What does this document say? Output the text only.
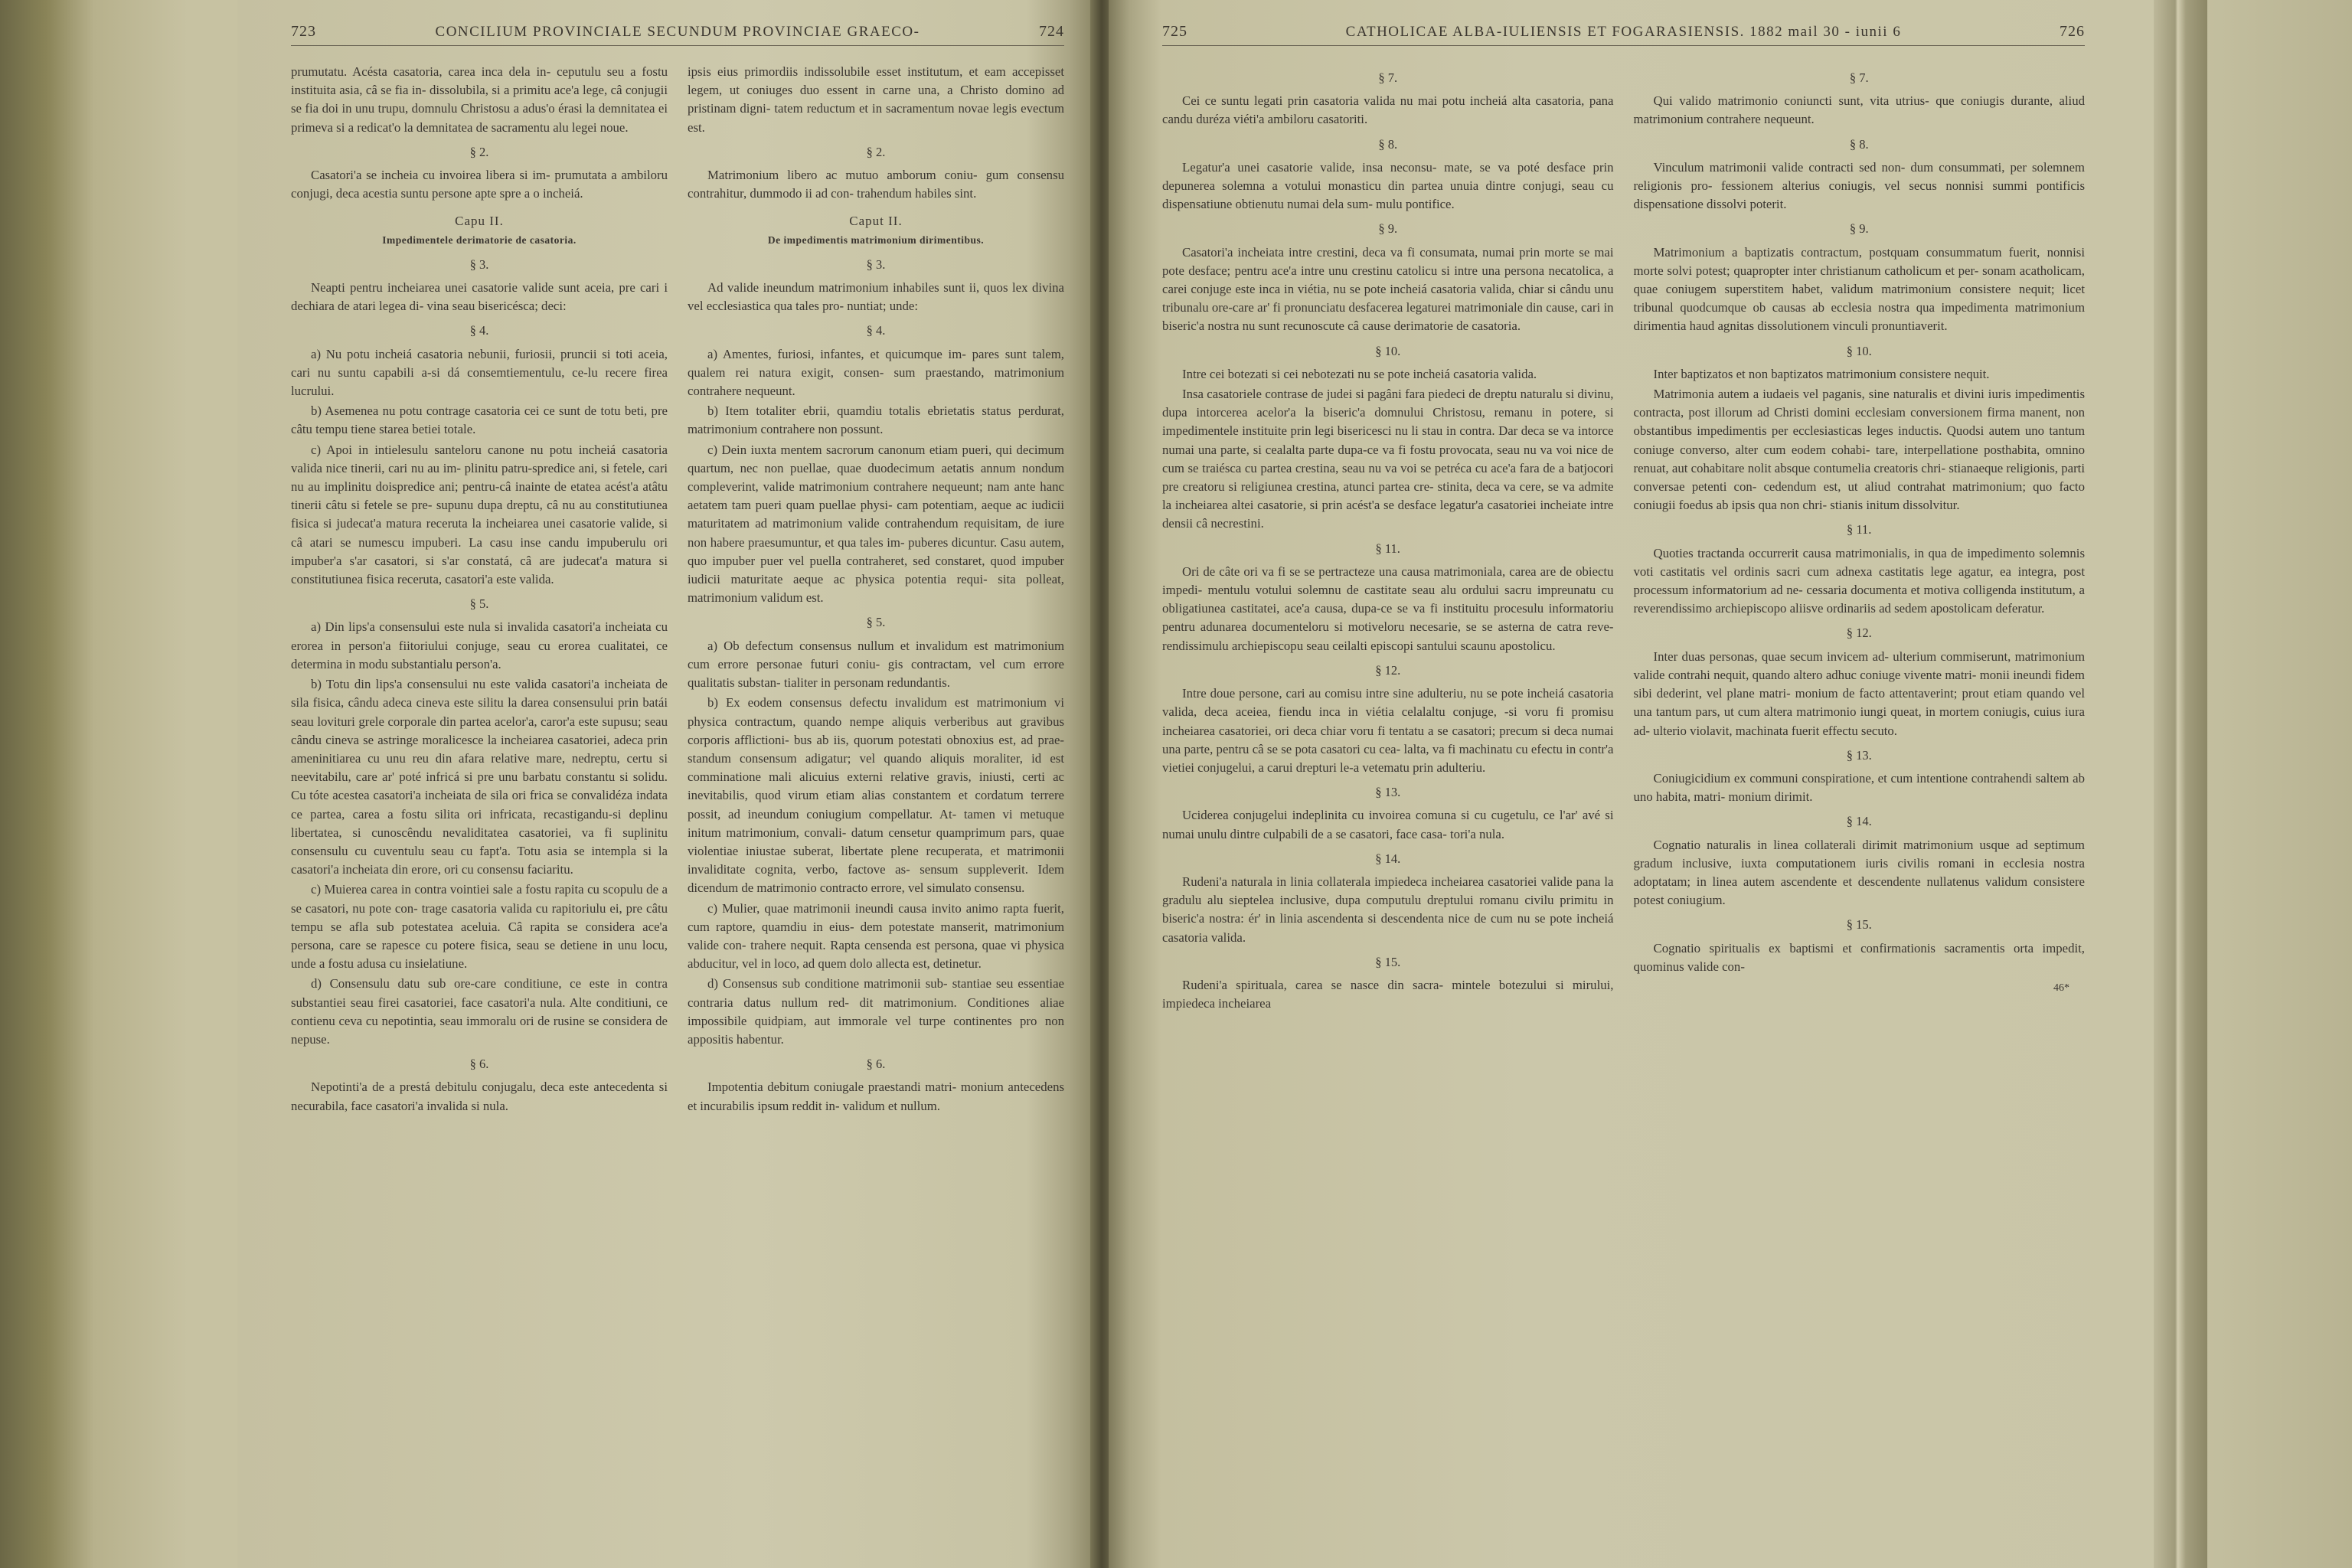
723	CONCILIUM PROVINCIALE SECUNDUM PROVINCIAE GRAECO-	724

prumutatu. Acésta casatoria, carea inca dela in- ceputulu seu a fostu instituita asia, câ se fia in- dissolubila, si a primitu ace'a lege, câ conjugii se fia doi in unu trupu, domnulu Christosu a adus'o érasi la demnitatea ei primeva si a redicat'o la demnitatea de sacramentu alu legei noue.

§ 2.

Casatori'a se incheia cu invoirea libera si im- prumutata a ambiloru conjugi, deca acestia suntu persone apte spre a o incheiá.

Capu II.
Impedimentele derimatorie de casatoria.
§ 3.

Neapti pentru incheiarea unei casatorie valide sunt aceia, pre cari i dechiara de atari legea di- vina seau bisericésca; deci:

§ 4.

a) Nu potu incheiá casatoria nebunii, furiosii, pruncii si toti aceia, cari nu suntu capabili a-si dá consemtiementulu, ce-lu recere firea lucrului.

b) Asemenea nu potu contrage casatoria cei ce sunt de totu beti, pre câtu tempu tiene starea betiei totale.

c) Apoi in intielesulu santeloru canone nu potu incheiá casatoria valida nice tinerii, cari nu au im- plinitu patru-spredice ani, si fetele, cari nu au implinitu doispredice ani; pentru-câ inainte de etatea acést'a atâtu tinerii câtu si fetele se pre- supunu dupa dreptu, câ nu au constitutiunea fisica si judecat'a matura receruta la incheiarea unei casatorie valide, si câ atari se numescu impuberi. La casu inse candu impuberulu ori impuber'a s'ar casatori, si s'ar constatá, câ are judecat'a matura si constitutiunea fisica receruta, casatori'a este valida.

§ 5.

a) Din lips'a consensului este nula si invalida casatori'a incheiata cu erorea in person'a fiitoriului conjuge, seau cu erorea cualitatei, ce determina in modu substantialu person'a.

b) Totu din lips'a consensului nu este valida casatori'a incheiata de sila fisica, cându adeca cineva este silitu la darea consensului prin batái seau lovituri grele corporale din partea acelor'a, caror'a este supusu; seau cându cineva se astringe moralicesce la incheiarea casatoriei, adeca prin ameninitiarea cu unu reu din afara relative mare, nedreptu, certu si neevitabilu, care ar' poté infricá si pre unu barbatu constantu si solidu. Cu tóte acestea casatori'a incheiata de sila ori frica se convalidéza indata ce partea, carea a fostu silita ori infricata, recastigandu-si deplinu libertatea, si cunoscêndu nevaliditatea casatoriei, va fi suplinitu consensulu cu cuventulu seau cu fapt'a. Totu asia se intempla si la casatori'a incheiata din erore, ori cu consensu faciaritu.

c) Muierea carea in contra vointiei sale a fostu rapita cu scopulu de a se casatori, nu pote con- trage casatoria valida cu rapitoriulu ei, pre câtu tempu se afla sub potestatea aceluia. Câ rapita se considera ace'a persona, care se rapesce cu potere fisica, seau se detiene in unu locu, unde a fostu adusa cu insielatiune.

d) Consensulu datu sub ore-care conditiune, ce este in contra substantiei seau firei casatoriei, face casatori'a nula. Alte conditiuni, ce contienu ceva cu nepotintia, seau immoralu ori de rusine se considera de nepuse.

§ 6.

Nepotinti'a de a prestá debitulu conjugalu, deca este antecedenta si necurabila, face casatori'a invalida si nula.

ipsis eius primordiis indissolubile esset institutum, et eam accepisset legem, ut coniuges duo essent in carne una, a Christo domino ad pristinam digni- tatem reductum et in sacramentum novae legis evectum est.

§ 2.

Matrimonium libero ac mutuo amborum coniu- gum consensu contrahitur, dummodo ii ad con- trahendum habiles sint.

Caput II.
De impedimentis matrimonium dirimentibus.
§ 3.

Ad valide ineundum matrimonium inhabiles sunt ii, quos lex divina vel ecclesiastica qua tales pro- nuntiat; unde:

§ 4.

a) Amentes, furiosi, infantes, et quicumque im- pares sunt talem, qualem rei natura exigit, consen- sum praestando, matrimonium contrahere nequeunt.

b) Item totaliter ebrii, quamdiu totalis ebrietatis status perdurat, matrimonium contrahere non possunt.

c) Dein iuxta mentem sacrorum canonum etiam pueri, qui decimum quartum, nec non puellae, quae duodecimum aetatis annum nondum compleverint, valide matrimonium contrahere nequeunt; nam ante hanc aetatem tam pueri quam puellae physi- cam potentiam, aeque ac iudicii maturitatem ad matrimonium valide contrahendum requisitam, de iure non habere praesumuntur, et qua tales im- puberes dicuntur. Casu autem, quo impuber puer vel puella contraheret, sed constaret, quod impuber iudicii maturitate aeque ac physica potentia requi- sita polleat, matrimonium validum est.

§ 5.

a) Ob defectum consensus nullum et invalidum est matrimonium cum errore personae futuri coniu- gis contractam, vel cum errore qualitatis substan- tialiter in personam redundantis.

b) Ex eodem consensus defectu invalidum est matrimonium vi physica contractum, quando nempe aliquis verberibus aut gravibus corporis afflictioni- bus ab iis, quorum potestati obnoxius est, ad prae- standum consensum adigatur; vel quando aliquis moraliter, id est comminatione mali alicuius externi relative gravis, iniusti, certi ac inevitabilis, quod virum etiam alias constantem et cordatum terrere possit, ad ineundum coniugium compellatur. At- tamen vi metuque initum matrimonium, convali- datum censetur quamprimum pars, quae violentiae iniustae suberat, libertate plene recuperata, et matrimonii invaliditate cognita, verbo, factove as- sensum suppleverit. Idem dicendum de matrimonio contracto errore, vel simulato consensu.

c) Mulier, quae matrimonii ineundi causa invito animo rapta fuerit, cum raptore, quamdiu in eius- dem potestate manserit, matrimonium valide con- trahere nequit. Rapta censenda est persona, quae vi physica abducitur, vel in loco, ad quem dolo allecta est, detinetur.

d) Consensus sub conditione matrimonii sub- stantiae seu essentiae contraria datus nullum red- dit matrimonium. Conditiones aliae impossibile quidpiam, aut immorale vel turpe continentes pro non appositis habentur.

§ 6.

Impotentia debitum coniugale praestandi matri- monium antecedens et incurabilis ipsum reddit in- validum et nullum.

725	CATHOLICAE ALBA-IULIENSIS ET FOGARASIENSIS. 1882 mail 30 - iunii 6	726
§ 7.

Cei ce suntu legati prin casatoria valida nu mai potu incheiá alta casatoria, pana candu duréza viéti'a ambiloru casatoriti.

§ 8.

Legatur'a unei casatorie valide, insa neconsu- mate, se va poté desface prin depunerea solemna a votului monasticu din partea unuia dintre conjugi, seau cu dispensatiune obtienutu numai dela sum- mulu pontifice.

§ 9.

Casatori'a incheiata intre crestini, deca va fi consumata, numai prin morte se mai pote desface; pentru ace'a intre unu crestinu catolicu si intre una persona necatolica, a carei conjuge este inca in viétia, nu se pote incheiá casatoria valida, chiar si cându unu tribunalu ore-care ar' fi pronunciatu desfacerea legaturei matrimoniale din cause, cari in biseric'a nostra nu sunt recunoscute câ cause derimatorie de casatoria.

§ 10.

Intre cei botezati si cei nebotezati nu se pote incheiá casatoria valida.

Insa casatoriele contrase de judei si pagâni fara piedeci de dreptu naturalu si divinu, dupa intorcerea acelor'a la biseric'a domnului Christosu, remanu in potere, si impedimentele instituite prin legi bisericesci nu li stau in contra. Dar deca se va intorce numai una parte, si cealalta parte dupa-ce va fi fostu provocata, seau nu va voi nice de cum se traiésca cu partea crestina, seau nu va voi se petréca cu ace'a fara de a batjocori pre creatoru si religiunea crestina, atunci partea cre- stinita, deca va cere, se va admite la incheiarea altei casatorie, si prin acést'a se desface legatur'a casatoriei incheiate intre densii câ necrestini.

§ 11.

Ori de câte ori va fi se se pertracteze una causa matrimoniala, carea are de obiectu impedi- mentulu votului solemnu de castitate seau alu ordului sacru impreunatu cu obligatiunea castitatei, ace'a causa, dupa-ce se va fi instituitu procesulu informatoriu pentru adunarea documenteloru si motiveloru necesarie, se se asterna de catra reve- rendissimulu archiepiscopu seau ceilalti episcopi santului scaunu apostolicu.

§ 12.

Intre doue persone, cari au comisu intre sine adulteriu, nu se pote incheiá casatoria valida, deca aceiea, fiendu inca in viétia celalaltu conjuge, -si voru fi promisu incheiarea casatoriei, ori deca chiar voru fi tentatu a se casatori; precum si deca numai una parte, pentru câ se se pota casatori cu cea- lalta, va fi machinatu cu efectu in contr'a vietiei conjugelui, a carui drepturi le-a vetematu prin adulteriu.

§ 13.

Uciderea conjugelui indeplinita cu invoirea comuna si cu cugetulu, ce l'ar' avé si numai unulu dintre culpabili de a se casatori, face casa- tori'a nula.

§ 14.

Rudeni'a naturala in linia collaterala impiedeca incheiarea casatoriei valide pana la gradulu alu sieptelea inclusive, dupa computulu dreptului romanu civilu primitu in biseric'a nostra: ér' in linia ascendenta si descendenta nice de cum nu se pote incheiá casatoria valida.

§ 15.

Rudeni'a spirituala, carea se nasce din sacra- mintele botezului si mirului, impiedeca incheiarea

§ 7.

Qui valido matrimonio coniuncti sunt, vita utrius- que coniugis durante, aliud matrimonium contrahere nequeunt.

§ 8.

Vinculum matrimonii valide contracti sed non- dum consummati, per solemnem religionis pro- fessionem alterius coniugis, vel secus nonnisi summi pontificis dispensatione dissolvi poterit.

§ 9.

Matrimonium a baptizatis contractum, postquam consummatum fuerit, nonnisi morte solvi potest; quapropter inter christianum catholicum et per- sonam acatholicam, quae coniugem superstitem habet, validum matrimonium consistere nequit; licet tribunal quodcumque ob causas ab ecclesia nostra qua impedimenta matrimonium dirimentia haud agnitas dissolutionem vinculi pronuntiaverit.

§ 10.

Inter baptizatos et non baptizatos matrimonium consistere nequit.

Matrimonia autem a iudaeis vel paganis, sine naturalis et divini iuris impedimentis contracta, post illorum ad Christi domini ecclesiam conversionem firma manent, non obstantibus impedimentis per ecclesiasticas leges inductis. Quodsi autem uno tantum coniuge converso, alter cum eodem cohabi- tare, interpellatione posthabita, omnino renuat, aut cohabitare nolit absque contumelia creatoris chri- stianaeque religionis, parti conversae petenti con- cedendum est, ut aliud contrahat matrimonium; quo facto coniugii foedus ab ipsis qua non chri- stianis initum dissolvitur.

§ 11.

Quoties tractanda occurrerit causa matrimonialis, in qua de impedimento solemnis voti castitatis vel ordinis sacri cum adnexa castitatis lege agatur, ea integra, post processum informatorium ad ne- cessaria documenta et motiva colligenda institutum, a reverendissimo archiepiscopo aliisve ordinariis ad sedem apostolicam deferatur.

§ 12.

Inter duas personas, quae secum invicem ad- ulterium commiserunt, matrimonium valide contrahi nequit, quando altero adhuc coniuge vivente matri- monii ineundi fidem sibi dederint, vel plane matri- monium de facto attentaverint; prout etiam quando vel una tantum pars, ut cum altera matrimonio iungi queat, in mortem coniugis, cuius iura ad- ulterio violavit, machinata fuerit effectu secuto.

§ 13.

Coniugicidium ex communi conspiratione, et cum intentione contrahendi saltem ab uno habita, matri- monium dirimit.

§ 14.

Cognatio naturalis in linea collaterali dirimit matrimonium usque ad septimum gradum inclusive, iuxta computationem iuris civilis romani in ecclesia nostra adoptatam; in linea autem ascendente et descendente nullatenus validum consistere potest coniugium.

§ 15.

Cognatio spiritualis ex baptismi et confirmationis sacramentis orta impedit, quominus valide con-

46*
